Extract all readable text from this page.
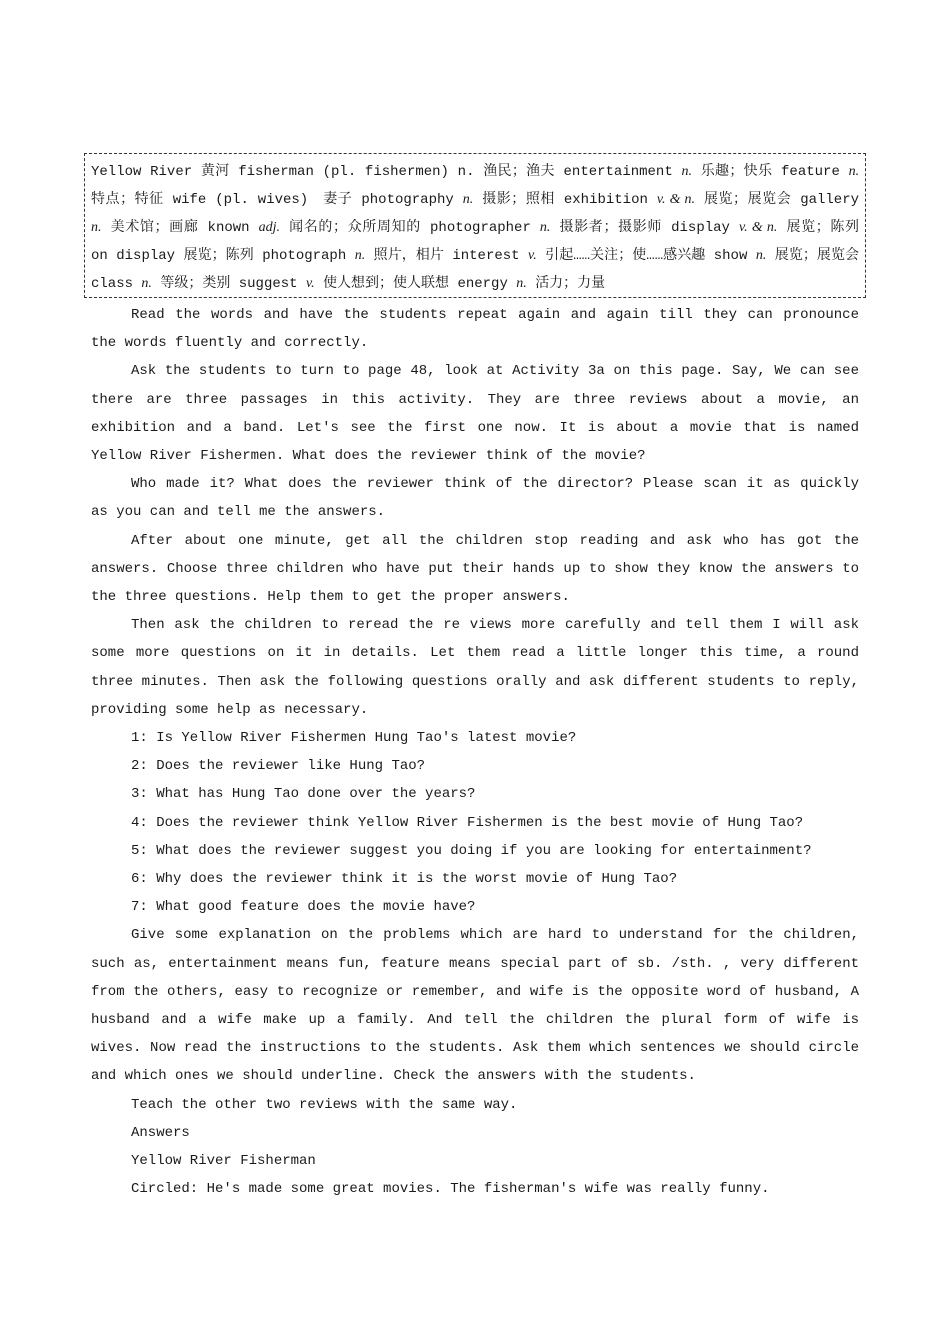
Yellow River 黄河 fisherman (pl. fishermen) n. 渔民；渔夫 entertainment n. 乐趣；快乐 feature n. 特点；特征 wife (pl. wives)　妻子 photography n. 摄影；照相 exhibition v. & n. 展览；展览会 gallery n. 美术馆；画廊 known adj. 闻名的；众所周知的 photographer n. 摄影者；摄影师 display v. & n. 展览；陈列 on display 展览；陈列 photograph n. 照片，相片 interest v. 引起……关注；使……感兴趣 show n. 展览；展览会 class n. 等级；类别 suggest v. 使人想到；使人联想 energy n. 活力；力量

Read the words and have the students repeat again and again till they can pronounce the words fluently and correctly.

Ask the students to turn to page 48, look at Activity 3a on this page. Say, We can see there are three passages in this activity. They are three reviews about a movie, an exhibition and a band. Let's see the first one now. It is about a movie that is named Yellow River Fishermen. What does the reviewer think of the movie?

Who made it? What does the reviewer think of the director? Please scan it as quickly as you can and tell me the answers.

After about one minute, get all the children stop reading and ask who has got the answers. Choose three children who have put their hands up to show they know the answers to the three questions. Help them to get the proper answers.

Then ask the children to reread the re views more carefully and tell them I will ask some more questions on it in details. Let them read a little longer this time, a round three minutes. Then ask the following questions orally and ask different students to reply, providing some help as necessary.

1: Is Yellow River Fishermen Hung Tao's latest movie?

2: Does the reviewer like Hung Tao?

3: What has Hung Tao done over the years?

4: Does the reviewer think Yellow River Fishermen is the best movie of Hung Tao?

5: What does the reviewer suggest you doing if you are looking for entertainment?

6: Why does the reviewer think it is the worst movie of Hung Tao?

7: What good feature does the movie have?

Give some explanation on the problems which are hard to understand for the children, such as, entertainment means fun, feature means special part of sb. /sth. , very different from the others, easy to recognize or remember, and wife is the opposite word of husband, A husband and a wife make up a family. And tell the children the plural form of wife is wives. Now read the instructions to the students. Ask them which sentences we should circle and which ones we should underline. Check the answers with the students.

Teach the other two reviews with the same way.

Answers

Yellow River Fisherman

Circled: He's made some great movies. The fisherman's wife was really funny.
